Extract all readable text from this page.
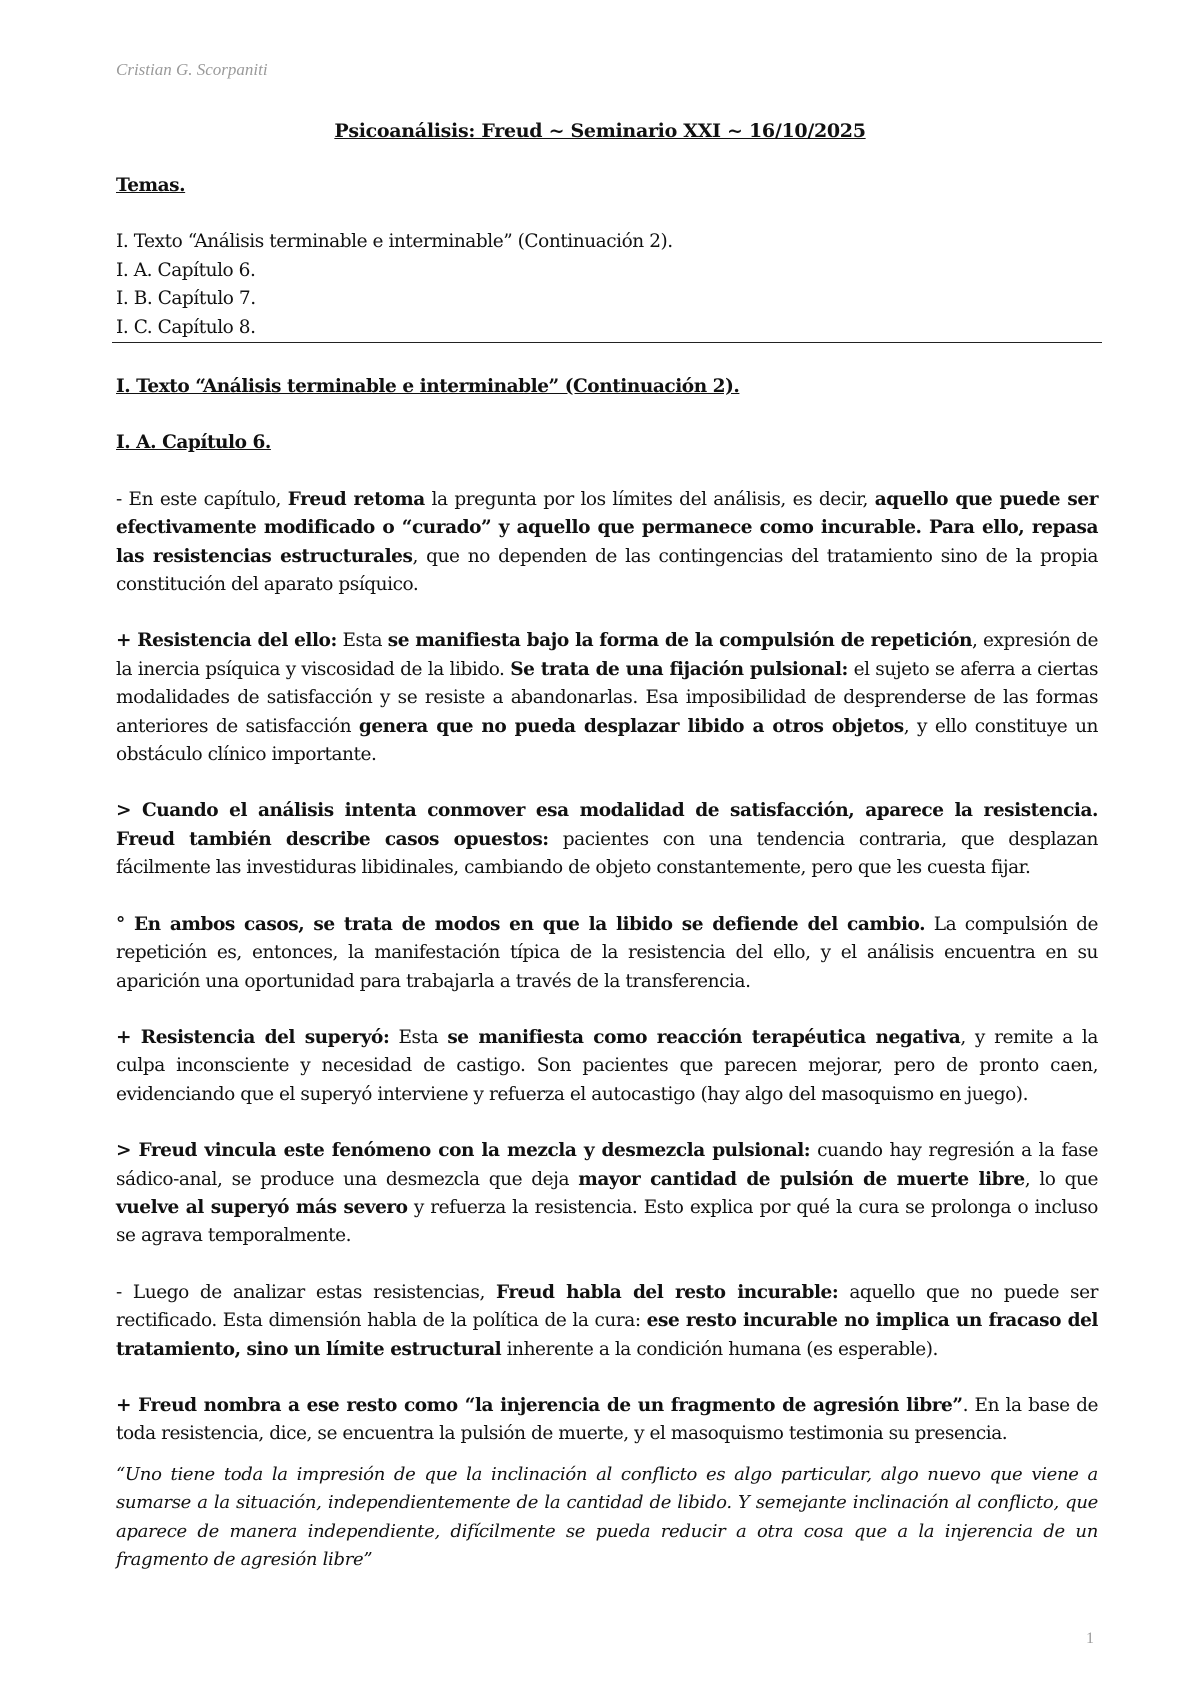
Cristian G. Scorpaniti
Psicoanálisis: Freud ~ Seminario XXI ~ 16/10/2025
Temas.
I. Texto “Análisis terminable e interminable” (Continuación 2).
I. A. Capítulo 6.
I. B. Capítulo 7.
I. C. Capítulo 8.
I. Texto “Análisis terminable e interminable” (Continuación 2).
I. A. Capítulo 6.

- En este capítulo, Freud retoma la pregunta por los límites del análisis, es decir, aquello que puede ser efectivamente modificado o “curado” y aquello que permanece como incurable. Para ello, repasa las resistencias estructurales, que no dependen de las contingencias del tratamiento sino de la propia constitución del aparato psíquico.

+ Resistencia del ello: Esta se manifiesta bajo la forma de la compulsión de repetición, expresión de la inercia psíquica y viscosidad de la libido. Se trata de una fijación pulsional: el sujeto se aferra a ciertas modalidades de satisfacción y se resiste a abandonarlas. Esa imposibilidad de desprenderse de las formas anteriores de satisfacción genera que no pueda desplazar libido a otros objetos, y ello constituye un obstáculo clínico importante.

> Cuando el análisis intenta conmover esa modalidad de satisfacción, aparece la resistencia. Freud también describe casos opuestos: pacientes con una tendencia contraria, que desplazan fácilmente las investiduras libidinales, cambiando de objeto constantemente, pero que les cuesta fijar.

° En ambos casos, se trata de modos en que la libido se defiende del cambio. La compulsión de repetición es, entonces, la manifestación típica de la resistencia del ello, y el análisis encuentra en su aparición una oportunidad para trabajarla a través de la transferencia.

+ Resistencia del superyó: Esta se manifiesta como reacción terapéutica negativa, y remite a la culpa inconsciente y necesidad de castigo. Son pacientes que parecen mejorar, pero de pronto caen, evidenciando que el superyó interviene y refuerza el autocastigo (hay algo del masoquismo en juego).

> Freud vincula este fenómeno con la mezcla y desmezcla pulsional: cuando hay regresión a la fase sádico-anal, se produce una desmezcla que deja mayor cantidad de pulsión de muerte libre, lo que vuelve al superyó más severo y refuerza la resistencia. Esto explica por qué la cura se prolonga o incluso se agrava temporalmente.

- Luego de analizar estas resistencias, Freud habla del resto incurable: aquello que no puede ser rectificado. Esta dimensión habla de la política de la cura: ese resto incurable no implica un fracaso del tratamiento, sino un límite estructural inherente a la condición humana (es esperable).

+ Freud nombra a ese resto como “la injerencia de un fragmento de agresión libre”. En la base de toda resistencia, dice, se encuentra la pulsión de muerte, y el masoquismo testimonia su presencia.

“Uno tiene toda la impresión de que la inclinación al conflicto es algo particular, algo nuevo que viene a sumarse a la situación, independientemente de la cantidad de libido. Y semejante inclinación al conflicto, que aparece de manera independiente, difícilmente se pueda reducir a otra cosa que a la injerencia de un fragmento de agresión libre”

1
